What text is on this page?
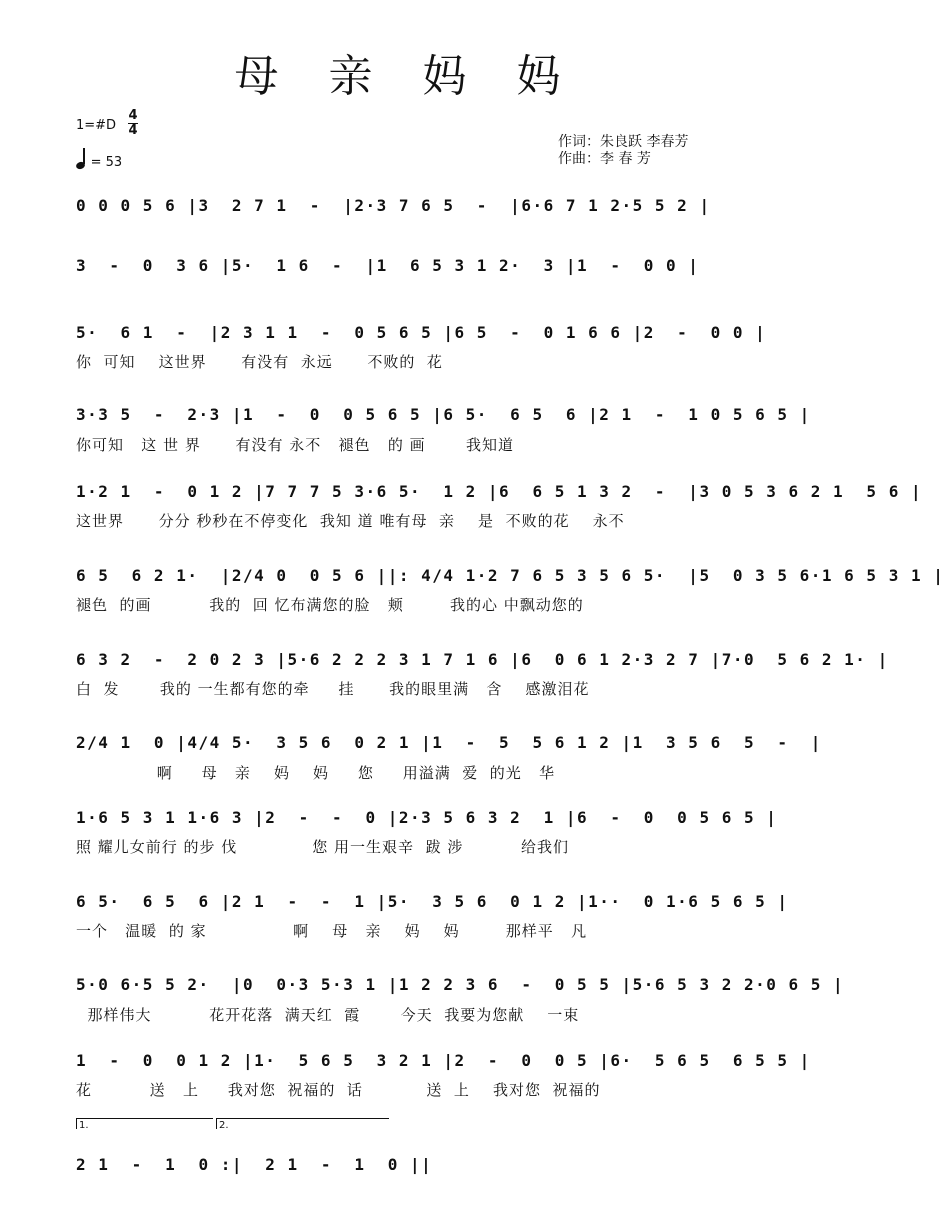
母 亲 妈 妈
1=#D
4
4
= 53
作词：朱良跃 李春芳
作曲：李 春 芳
0 0 0 5 6 |3  2 7 1  -  |2·3 7 6 5  -  |6·6 7 1 2·5 5 2 |
3  -  0  3 6 |5·  1 6  -  |1  6 5 3 1 2·  3 |1  -  0 0 |
5·  6 1  -  |2 3 1 1  -  0 5 6 5 |6 5  -  0 1 6 6 |2  -  0 0 |
你  可知    这世界      有没有  永远      不败的  花
3·3 5  -  2·3 |1  -  0  0 5 6 5 |6 5·  6 5  6 |2 1  -  1 0 5 6 5 |
你可知   这 世 界      有没有 永不   褪色   的 画       我知道
1·2 1  -  0 1 2 |7 7 7 5 3·6 5·  1 2 |6  6 5 1 3 2  -  |3 0 5 3 6 2 1  5 6 |
这世界      分分 秒秒在不停变化  我知 道 唯有母  亲    是  不败的花    永不
6 5  6 2 1·  |2/4 0  0 5 6 ||: 4/4 1·2 7 6 5 3 5 6 5·  |5  0 3 5 6·1 6 5 3 1 |
褪色  的画          我的  回 忆布满您的脸   颊        我的心 中飘动您的
6 3 2  -  2 0 2 3 |5·6 2 2 2 3 1 7 1 6 |6  0 6 1 2·3 2 7 |7·0  5 6 2 1· |
白  发       我的 一生都有您的牵     挂      我的眼里满   含    感激泪花
2/4 1  0 |4/4 5·  3 5 6  0 2 1 |1  -  5  5 6 1 2 |1  3 5 6  5  -  |
啊     母   亲    妈    妈     您     用溢满  爱  的光   华
1·6 5 3 1 1·6 3 |2  -  -  0 |2·3 5 6 3 2  1 |6  -  0  0 5 6 5 |
照 耀儿女前行 的步 伐             您 用一生艰辛  跋 涉          给我们
6 5·  6 5  6 |2 1  -  -  1 |5·  3 5 6  0 1 2 |1··  0 1·6 5 6 5 |
一个   温暖  的 家               啊    母   亲    妈    妈        那样平   凡
5·0 6·5 5 2·  |0  0·3 5·3 1 |1 2 2 3 6  -  0 5 5 |5·6 5 3 2 2·0 6 5 |
那样伟大          花开花落  满天红  霞       今天  我要为您献    一束
1  -  0  0 1 2 |1·  5 6 5  3 2 1 |2  -  0  0 5 |6·  5 6 5  6 5 5 |
花          送   上     我对您  祝福的  话           送  上    我对您  祝福的
1.	2.
2 1  -  1  0 :|  2 1  -  1  0 ||
